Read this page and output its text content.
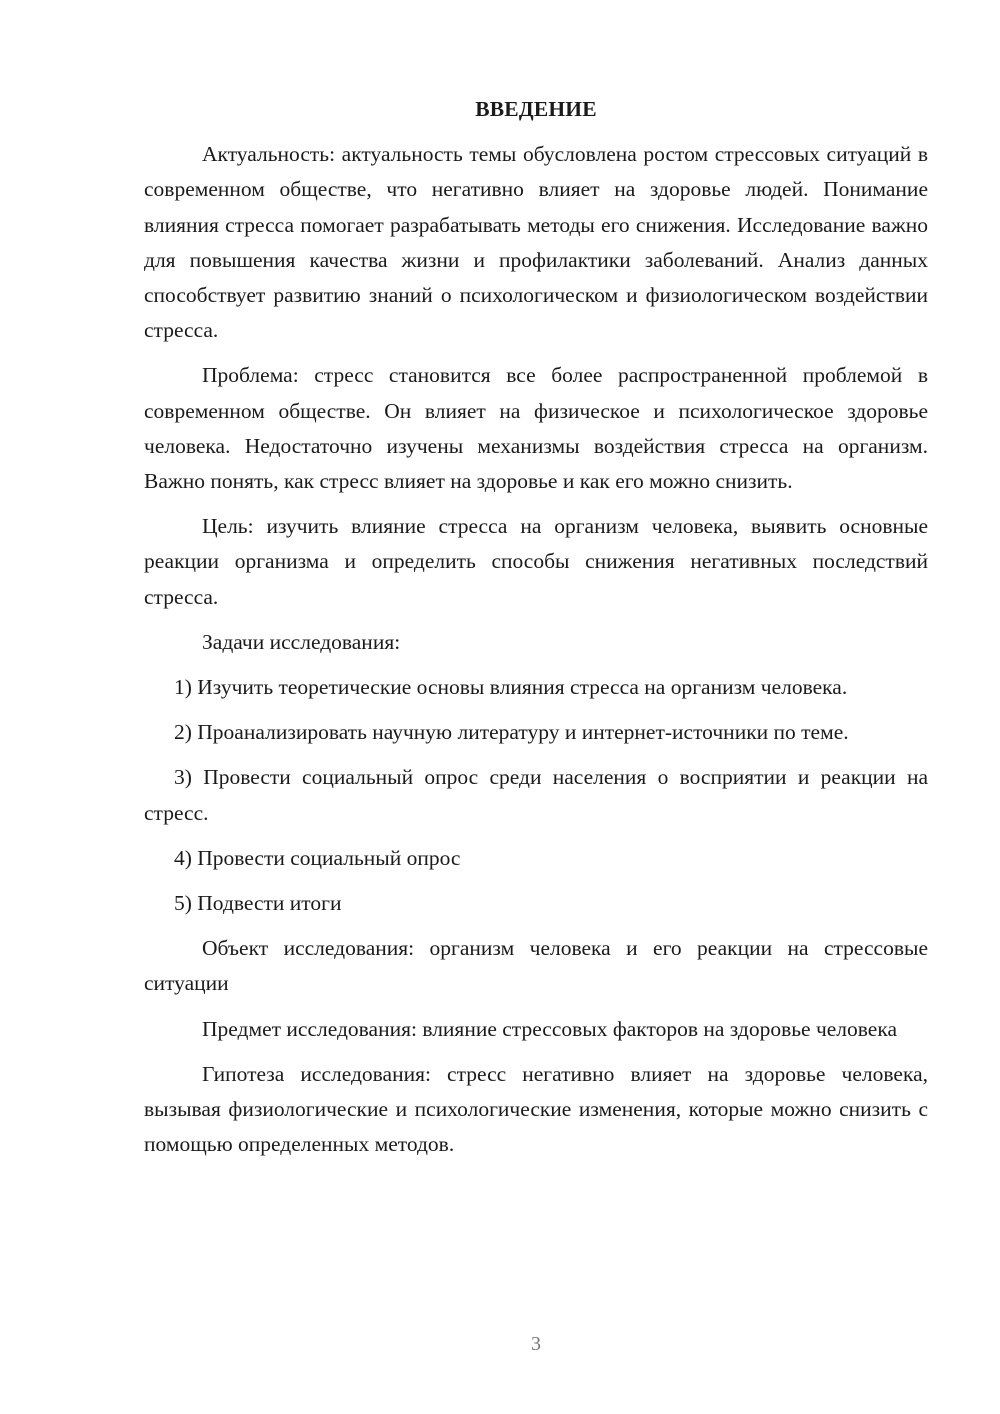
ВВЕДЕНИЕ

Актуальность: актуальность темы обусловлена ростом стрессовых ситуаций в современном обществе, что негативно влияет на здоровье людей. Понимание влияния стресса помогает разрабатывать методы его снижения. Исследование важно для повышения качества жизни и профилактики заболеваний. Анализ данных способствует развитию знаний о психологическом и физиологическом воздействии стресса.

Проблема: стресс становится все более распространенной проблемой в современном обществе. Он влияет на физическое и психологическое здоровье человека. Недостаточно изучены механизмы воздействия стресса на организм. Важно понять, как стресс влияет на здоровье и как его можно снизить.

Цель: изучить влияние стресса на организм человека, выявить основные реакции организма и определить способы снижения негативных последствий стресса.

Задачи исследования:

1) Изучить теоретические основы влияния стресса на организм человека.

2) Проанализировать научную литературу и интернет-источники по теме.

3) Провести социальный опрос среди населения о восприятии и реакции на стресс.

4) Провести социальный опрос

5) Подвести итоги

Объект исследования: организм человека и его реакции на стрессовые ситуации

Предмет исследования: влияние стрессовых факторов на здоровье человека

Гипотеза исследования: стресс негативно влияет на здоровье человека, вызывая физиологические и психологические изменения, которые можно снизить с помощью определенных методов.

3
